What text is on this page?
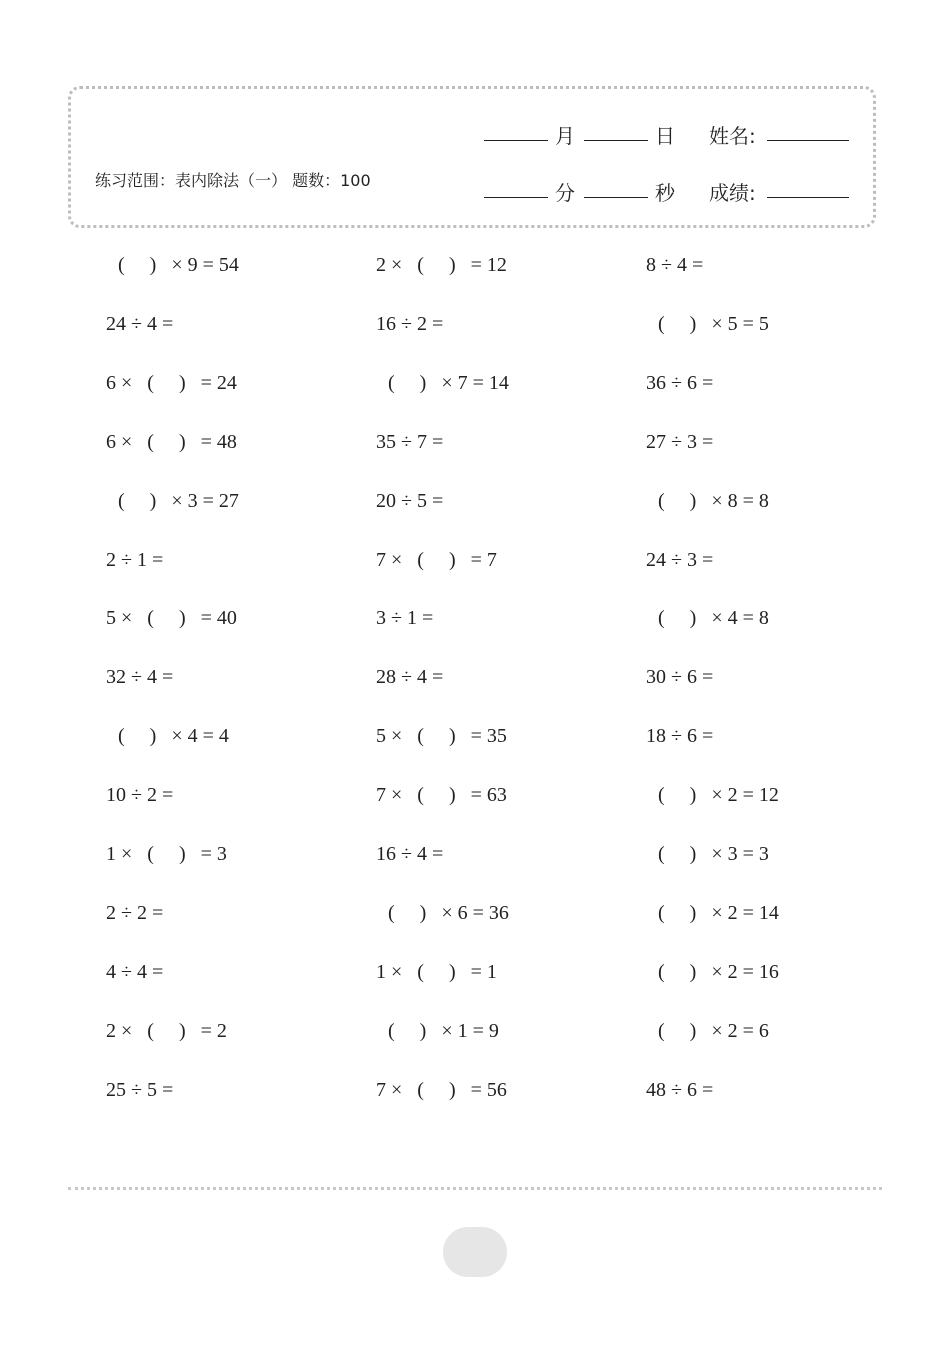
练习范围：表内除法（一） 题数：100
月	日 姓名:
分	秒 成绩:
(     )   × 9 = 54	2 ×   (     )   = 12	8 ÷ 4 =
24 ÷ 4 =	16 ÷ 2 =	(     )   × 5 = 5
6 ×   (     )   = 24	(     )   × 7 = 14	36 ÷ 6 =
6 ×   (     )   = 48	35 ÷ 7 =	27 ÷ 3 =
(     )   × 3 = 27	20 ÷ 5 =	(     )   × 8 = 8
2 ÷ 1 =	7 ×   (     )   = 7	24 ÷ 3 =
5 ×   (     )   = 40	3 ÷ 1 =	(     )   × 4 = 8
32 ÷ 4 =	28 ÷ 4 =	30 ÷ 6 =
(     )   × 4 = 4	5 ×   (     )   = 35	18 ÷ 6 =
10 ÷ 2 =	7 ×   (     )   = 63	(     )   × 2 = 12
1 ×   (     )   = 3	16 ÷ 4 =	(     )   × 3 = 3
2 ÷ 2 =	(     )   × 6 = 36	(     )   × 2 = 14
4 ÷ 4 =	1 ×   (     )   = 1	(     )   × 2 = 16
2 ×   (     )   = 2	(     )   × 1 = 9	(     )   × 2 = 6
25 ÷ 5 =	7 ×   (     )   = 56	48 ÷ 6 =
